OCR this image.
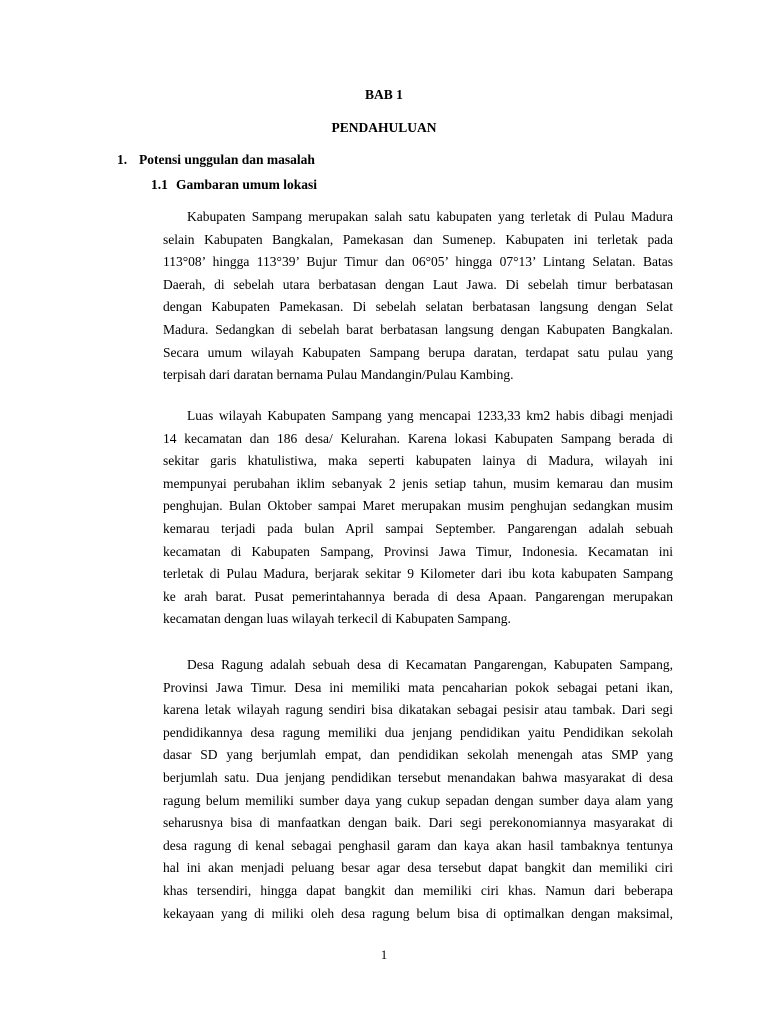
BAB 1
PENDAHULUAN
1. Potensi unggulan dan masalah
1.1 Gambaran umum lokasi
Kabupaten Sampang merupakan salah satu kabupaten yang terletak di Pulau Madura
selain Kabupaten Bangkalan, Pamekasan dan Sumenep. Kabupaten ini terletak pada
113°08’ hingga 113°39’ Bujur Timur dan 06°05’ hingga 07°13’ Lintang Selatan. Batas
Daerah, di sebelah utara berbatasan dengan Laut Jawa. Di sebelah timur berbatasan
dengan Kabupaten Pamekasan. Di sebelah selatan berbatasan langsung dengan Selat
Madura. Sedangkan di sebelah barat berbatasan langsung dengan Kabupaten Bangkalan.
Secara umum wilayah Kabupaten Sampang berupa daratan, terdapat satu pulau yang
terpisah dari daratan bernama Pulau Mandangin/Pulau Kambing.
Luas wilayah Kabupaten Sampang yang mencapai 1233,33 km2 habis dibagi menjadi
14 kecamatan dan 186 desa/ Kelurahan. Karena lokasi Kabupaten Sampang berada di
sekitar garis khatulistiwa, maka seperti kabupaten lainya di Madura, wilayah ini
mempunyai perubahan iklim sebanyak 2 jenis setiap tahun, musim kemarau dan musim
penghujan. Bulan Oktober sampai Maret merupakan musim penghujan sedangkan musim
kemarau terjadi pada bulan April sampai September. Pangarengan adalah sebuah
kecamatan di Kabupaten Sampang, Provinsi Jawa Timur, Indonesia. Kecamatan ini
terletak di Pulau Madura, berjarak sekitar 9 Kilometer dari ibu kota kabupaten Sampang
ke arah barat. Pusat pemerintahannya berada di desa Apaan. Pangarengan merupakan
kecamatan dengan luas wilayah terkecil di Kabupaten Sampang.
Desa Ragung adalah sebuah desa di Kecamatan Pangarengan, Kabupaten Sampang,
Provinsi Jawa Timur. Desa ini memiliki mata pencaharian pokok sebagai petani ikan,
karena letak wilayah ragung sendiri bisa dikatakan sebagai pesisir atau tambak. Dari segi
pendidikannya desa ragung memiliki dua jenjang pendidikan yaitu Pendidikan sekolah
dasar SD yang berjumlah empat, dan pendidikan sekolah menengah atas SMP yang
berjumlah satu. Dua jenjang pendidikan tersebut menandakan bahwa masyarakat di desa
ragung belum memiliki sumber daya yang cukup sepadan dengan sumber daya alam yang
seharusnya bisa di manfaatkan dengan baik. Dari segi perekonomiannya masyarakat di
desa ragung di kenal sebagai penghasil garam dan kaya akan hasil tambaknya tentunya
hal ini akan menjadi peluang besar agar desa tersebut dapat bangkit dan memiliki ciri
khas tersendiri, hingga dapat bangkit dan memiliki ciri khas. Namun dari beberapa
kekayaan yang di miliki oleh desa ragung belum bisa di optimalkan dengan maksimal,
1
